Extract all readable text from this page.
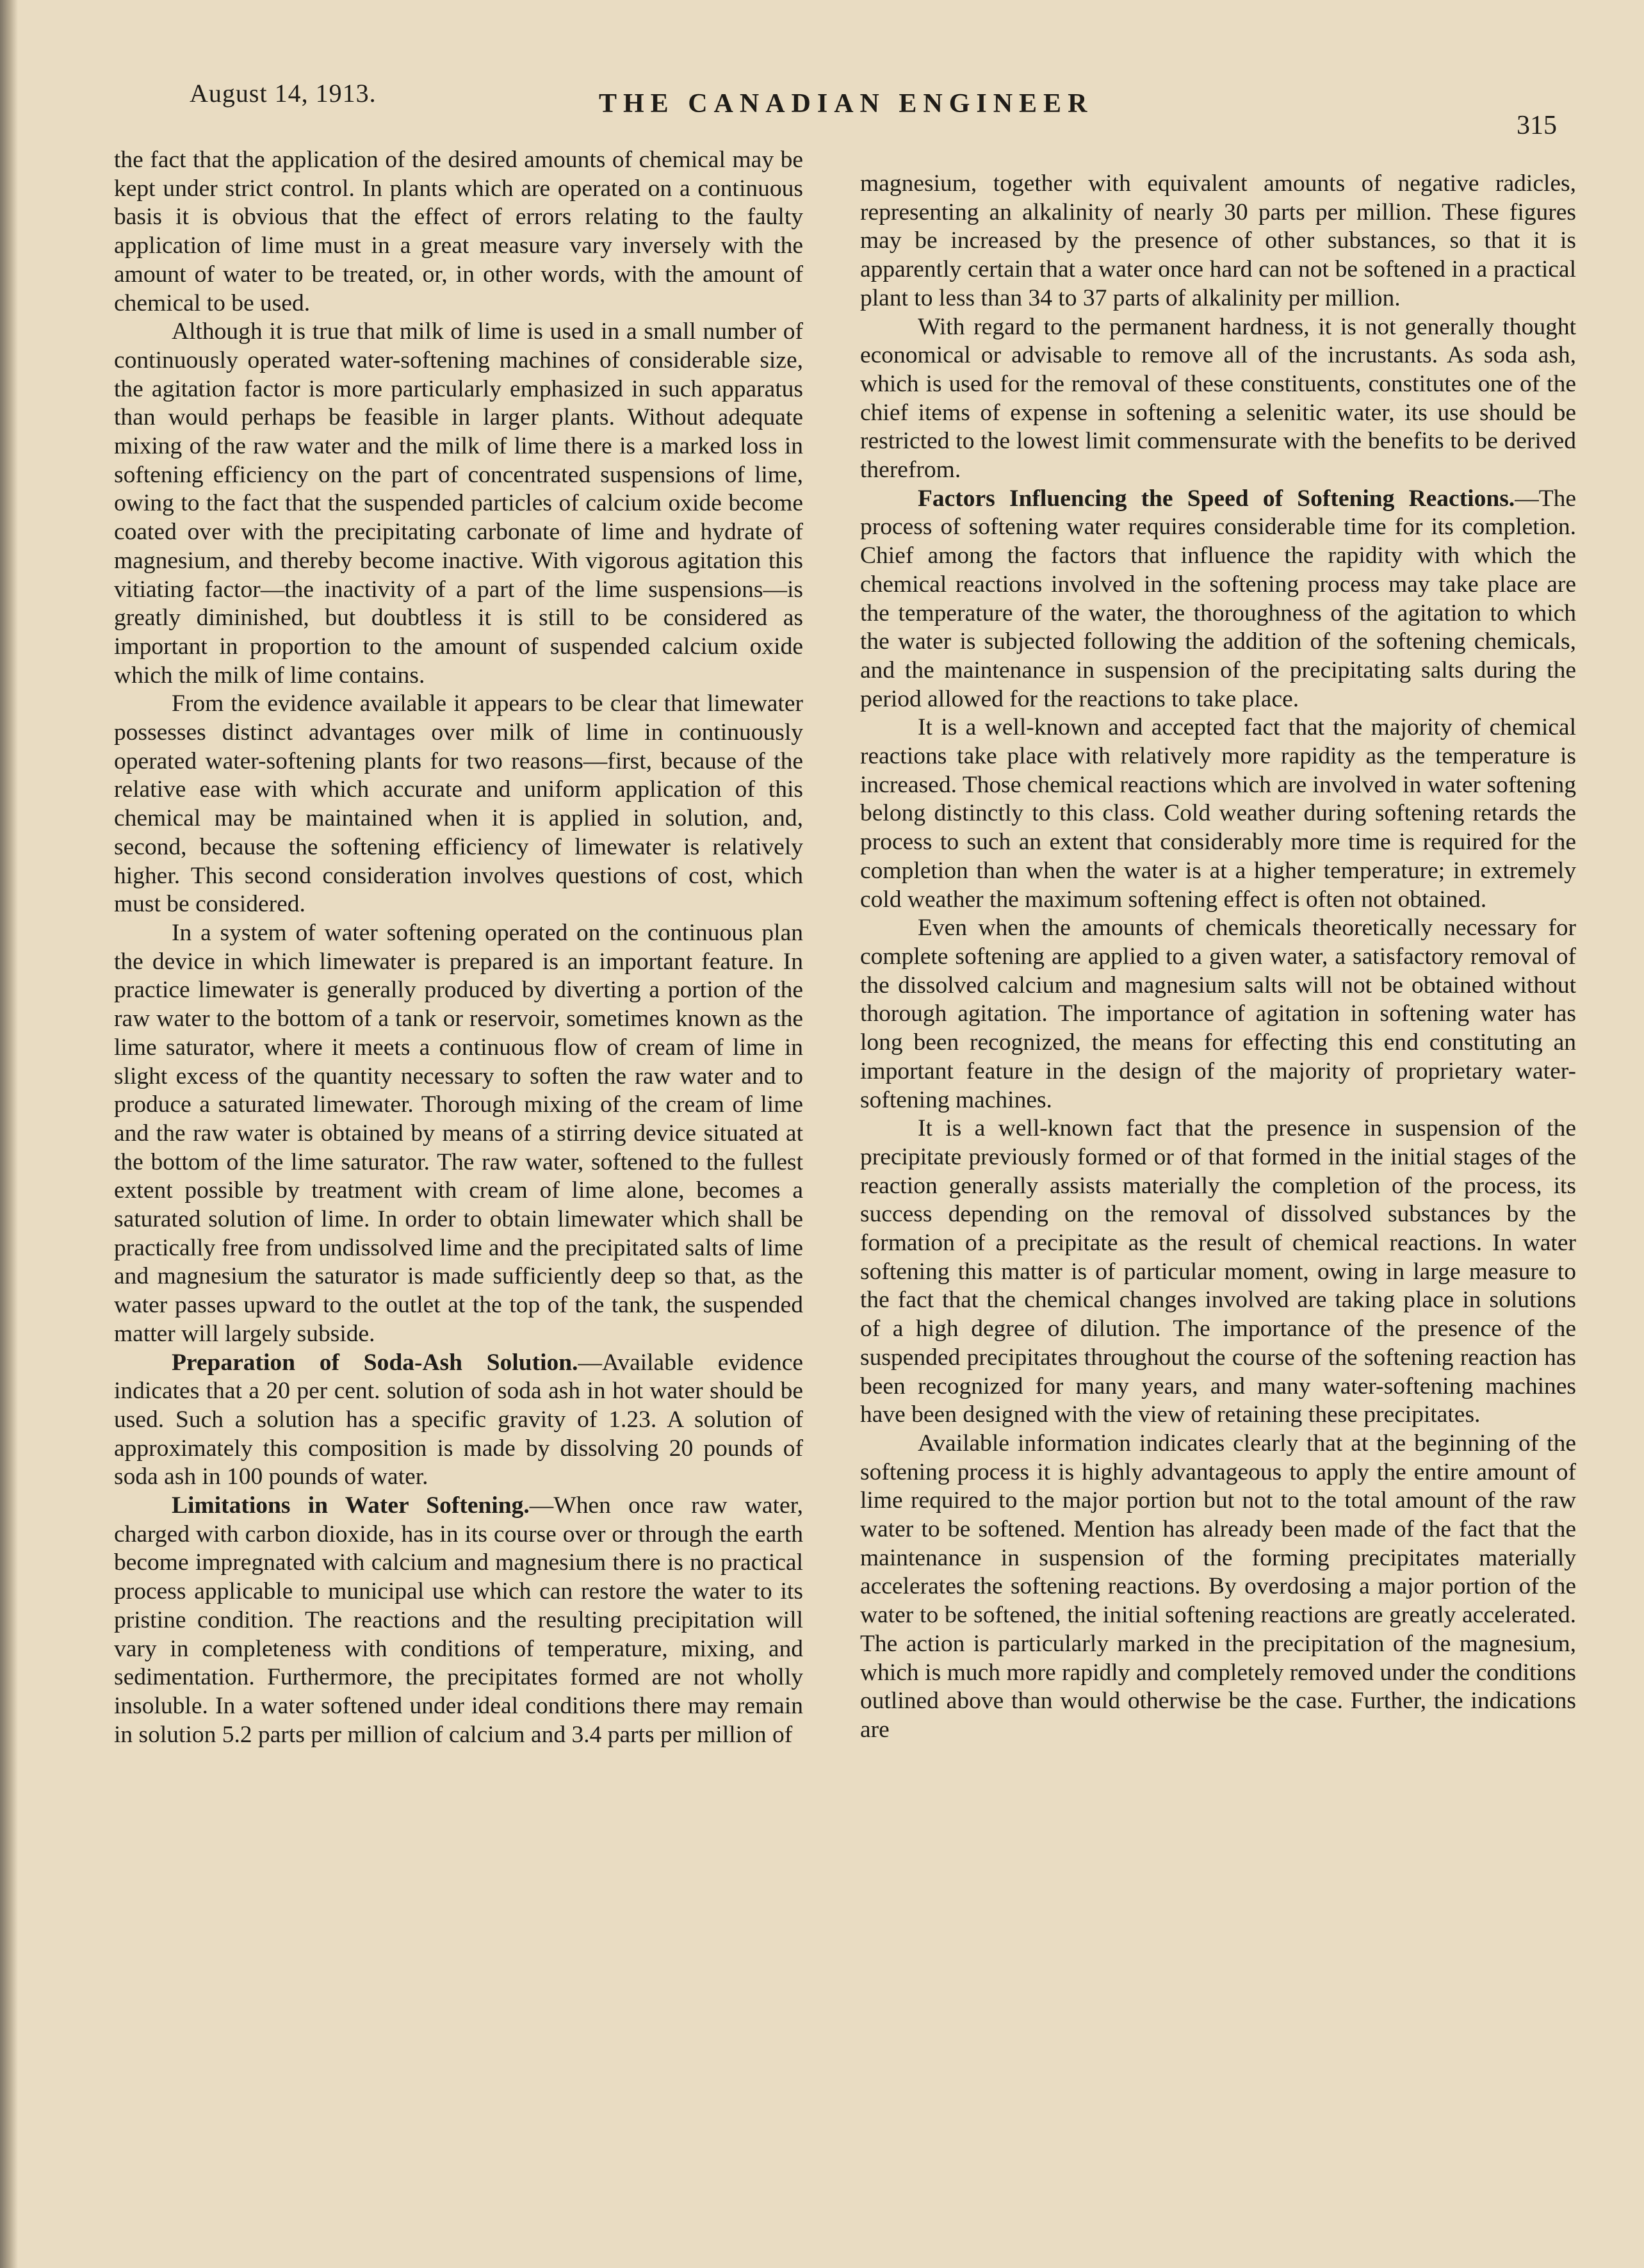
August 14, 1913.	THE CANADIAN ENGINEER
315

the fact that the application of the desired amounts of chemical may be kept under strict control. In plants which are operated on a continuous basis it is obvious that the effect of errors relating to the faulty application of lime must in a great measure vary inversely with the amount of water to be treated, or, in other words, with the amount of chemical to be used.

Although it is true that milk of lime is used in a small number of continuously operated water-softening machines of considerable size, the agitation factor is more particularly emphasized in such apparatus than would perhaps be feasible in larger plants. Without adequate mixing of the raw water and the milk of lime there is a marked loss in softening efficiency on the part of concentrated suspensions of lime, owing to the fact that the suspended particles of calcium oxide become coated over with the precipitating carbonate of lime and hydrate of magnesium, and thereby become inactive. With vigorous agitation this vitiating factor—the inactivity of a part of the lime suspensions—is greatly diminished, but doubtless it is still to be considered as important in proportion to the amount of suspended calcium oxide which the milk of lime contains.

From the evidence available it appears to be clear that limewater possesses distinct advantages over milk of lime in continuously operated water-softening plants for two reasons—first, because of the relative ease with which accurate and uniform application of this chemical may be maintained when it is applied in solution, and, second, because the softening efficiency of limewater is relatively higher. This second consideration involves questions of cost, which must be considered.

In a system of water softening operated on the continuous plan the device in which limewater is prepared is an important feature. In practice limewater is generally produced by diverting a portion of the raw water to the bottom of a tank or reservoir, sometimes known as the lime saturator, where it meets a continuous flow of cream of lime in slight excess of the quantity necessary to soften the raw water and to produce a saturated limewater. Thorough mixing of the cream of lime and the raw water is obtained by means of a stirring device situated at the bottom of the lime saturator. The raw water, softened to the fullest extent possible by treatment with cream of lime alone, becomes a saturated solution of lime. In order to obtain limewater which shall be practically free from undissolved lime and the precipitated salts of lime and magnesium the saturator is made sufficiently deep so that, as the water passes upward to the outlet at the top of the tank, the suspended matter will largely subside.

Preparation of Soda-Ash Solution.—Available evidence indicates that a 20 per cent. solution of soda ash in hot water should be used. Such a solution has a specific gravity of 1.23. A solution of approximately this composition is made by dissolving 20 pounds of soda ash in 100 pounds of water.

Limitations in Water Softening.—When once raw water, charged with carbon dioxide, has in its course over or through the earth become impregnated with calcium and magnesium there is no practical process applicable to municipal use which can restore the water to its pristine condition. The reactions and the resulting precipitation will vary in completeness with conditions of temperature, mixing, and sedimentation. Furthermore, the precipitates formed are not wholly insoluble. In a water softened under ideal conditions there may remain in solution 5.2 parts per million of calcium and 3.4 parts per million of

magnesium, together with equivalent amounts of negative radicles, representing an alkalinity of nearly 30 parts per million. These figures may be increased by the presence of other substances, so that it is apparently certain that a water once hard can not be softened in a practical plant to less than 34 to 37 parts of alkalinity per million.

With regard to the permanent hardness, it is not generally thought economical or advisable to remove all of the incrustants. As soda ash, which is used for the removal of these constituents, constitutes one of the chief items of expense in softening a selenitic water, its use should be restricted to the lowest limit commensurate with the benefits to be derived therefrom.

Factors Influencing the Speed of Softening Reactions.—The process of softening water requires considerable time for its completion. Chief among the factors that influence the rapidity with which the chemical reactions involved in the softening process may take place are the temperature of the water, the thoroughness of the agitation to which the water is subjected following the addition of the softening chemicals, and the maintenance in suspension of the precipitating salts during the period allowed for the reactions to take place.

It is a well-known and accepted fact that the majority of chemical reactions take place with relatively more rapidity as the temperature is increased. Those chemical reactions which are involved in water softening belong distinctly to this class. Cold weather during softening retards the process to such an extent that considerably more time is required for the completion than when the water is at a higher temperature; in extremely cold weather the maximum softening effect is often not obtained.

Even when the amounts of chemicals theoretically necessary for complete softening are applied to a given water, a satisfactory removal of the dissolved calcium and magnesium salts will not be obtained without thorough agitation. The importance of agitation in softening water has long been recognized, the means for effecting this end constituting an important feature in the design of the majority of proprietary water-softening machines.

It is a well-known fact that the presence in suspension of the precipitate previously formed or of that formed in the initial stages of the reaction generally assists materially the completion of the process, its success depending on the removal of dissolved substances by the formation of a precipitate as the result of chemical reactions. In water softening this matter is of particular moment, owing in large measure to the fact that the chemical changes involved are taking place in solutions of a high degree of dilution. The importance of the presence of the suspended precipitates throughout the course of the softening reaction has been recognized for many years, and many water-softening machines have been designed with the view of retaining these precipitates.

Available information indicates clearly that at the beginning of the softening process it is highly advantageous to apply the entire amount of lime required to the major portion but not to the total amount of the raw water to be softened. Mention has already been made of the fact that the maintenance in suspension of the forming precipitates materially accelerates the softening reactions. By overdosing a major portion of the water to be softened, the initial softening reactions are greatly accelerated. The action is particularly marked in the precipitation of the magnesium, which is much more rapidly and completely removed under the conditions outlined above than would otherwise be the case. Further, the indications are
